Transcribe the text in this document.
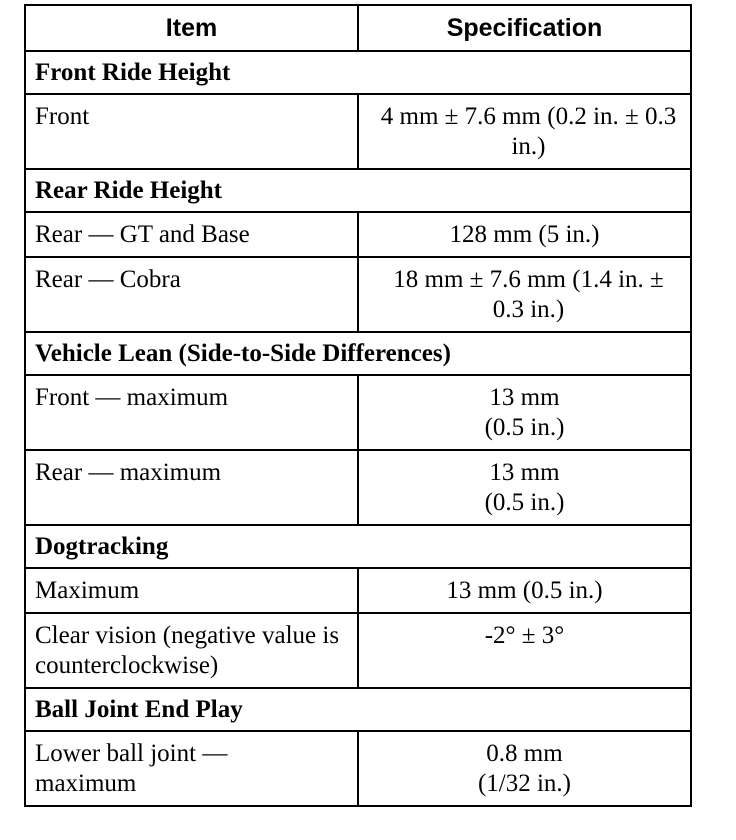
Item	Specification
Front Ride Height	
Front	4 mm ± 7.6 mm (0.2 in. ± 0.3 in.)
Rear Ride Height	
Rear — GT and Base	128 mm (5 in.)
Rear — Cobra	18 mm ± 7.6 mm (1.4 in. ± 0.3 in.)
Vehicle Lean (Side-to-Side Differences)	
Front — maximum	13 mm (0.5 in.)
Rear — maximum	13 mm (0.5 in.)
Dogtracking	
Maximum	13 mm (0.5 in.)
Clear vision (negative value is counterclockwise)	-2° ± 3°
Ball Joint End Play	
Lower ball joint — maximum	0.8 mm (1/32 in.)
